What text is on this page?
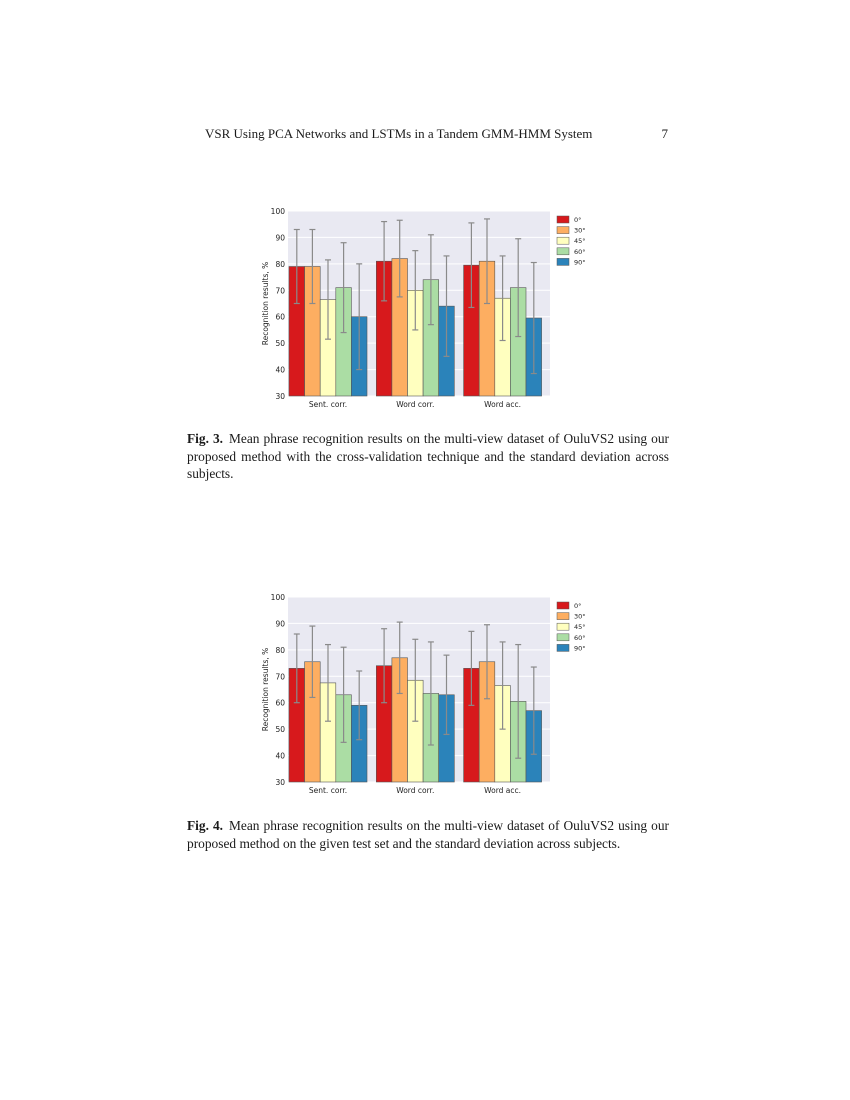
VSR Using PCA Networks and LSTMs in a Tandem GMM-HMM System	7
30
40
50
60
70
80
90
100
Recognition results, %
Sent. corr.	Word corr.	Word acc.
0°
30°
45°
60°
90°
Fig. 3. Mean phrase recognition results on the multi-view dataset of OuluVS2 using our proposed method with the cross-validation technique and the standard deviation across subjects.
30
40
50
60
70
80
90
100
Recognition results, %
Sent. corr.	Word corr.	Word acc.
0°
30°
45°
60°
90°
Fig. 4. Mean phrase recognition results on the multi-view dataset of OuluVS2 using our proposed method on the given test set and the standard deviation across subjects.
